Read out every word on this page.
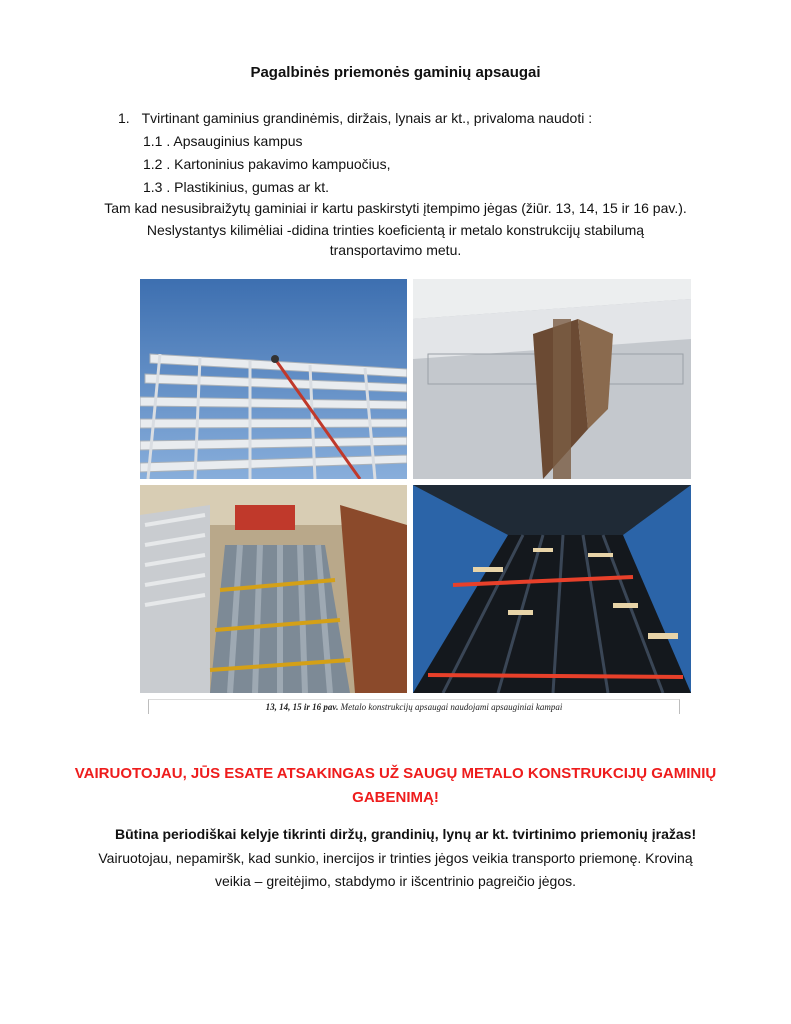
Pagalbinės priemonės gaminių apsaugai
1. Tvirtinant gaminius grandinėmis, diržais, lynais ar kt., privaloma naudoti :
1.1 . Apsauginius kampus
1.2 . Kartoninius pakavimo kampuočius,
1.3 . Plastikinius, gumas ar kt.
Tam kad nesusibraižytų gaminiai ir kartu paskirstyti įtempimo jėgas (žiūr. 13, 14, 15 ir 16 pav.).
Neslystantys kilimėliai -didina trinties koeficientą ir metalo konstrukcijų stabilumą
transportavimo metu.
13, 14, 15 ir 16 pav. Metalo konstrukcijų apsaugai naudojami apsauginiai kampai
VAIRUOTOJAU, JŪS ESATE ATSAKINGAS UŽ SAUGŲ METALO KONSTRUKCIJŲ GAMINIŲ
GABENIMĄ!
Būtina periodiškai kelyje tikrinti diržų, grandinių, lynų ar kt. tvirtinimo priemonių įražas!
Vairuotojau, nepamiršk, kad sunkio, inercijos ir trinties jėgos veikia transporto priemonę. Kroviną
veikia – greitėjimo, stabdymo ir išcentrinio pagreičio jėgos.
